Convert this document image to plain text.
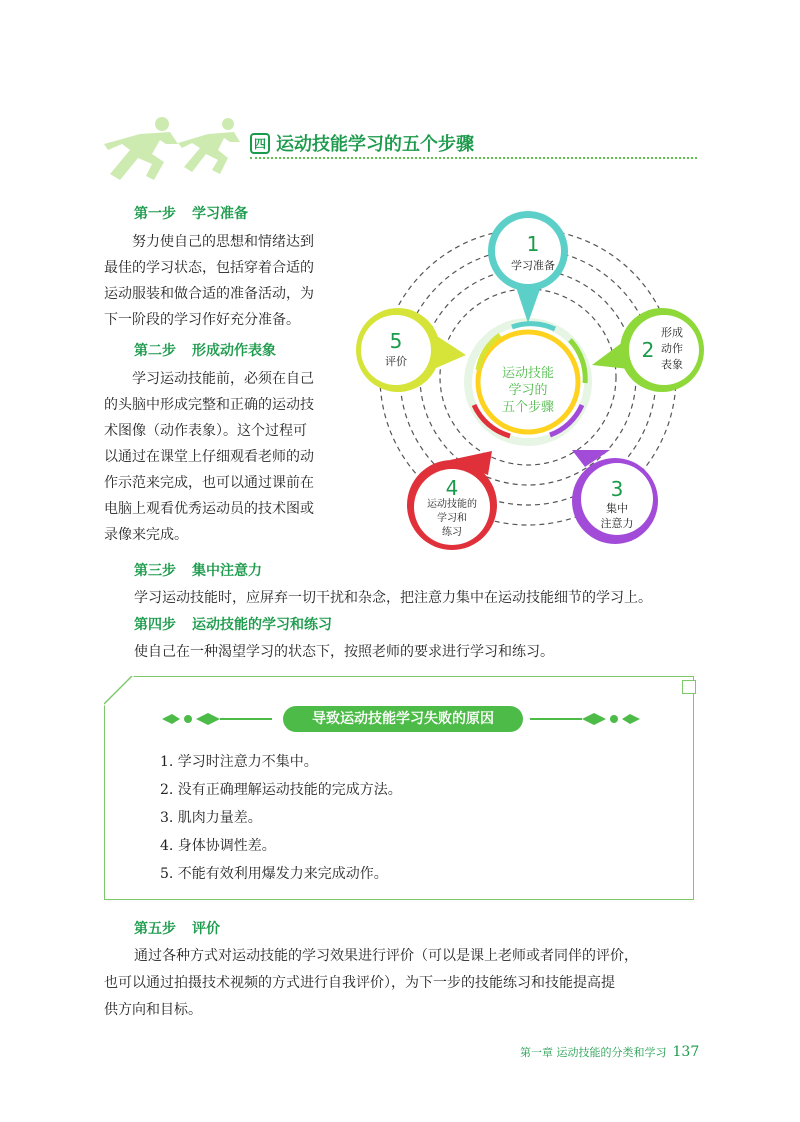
四 运动技能学习的五个步骤
第一步 学习准备
努力使自己的思想和情绪达到
最佳的学习状态，包括穿着合适的
运动服装和做合适的准备活动，为
下一阶段的学习作好充分准备。
第二步 形成动作表象
学习运动技能前，必须在自己
的头脑中形成完整和正确的运动技
术图像（动作表象）。这个过程可
以通过在课堂上仔细观看老师的动
作示范来完成，也可以通过课前在
电脑上观看优秀运动员的技术图或
录像来完成。
运动技能
学习的
五个步骤
1
学习准备
2
形成
动作
表象
3
集中
注意力
4
运动技能的
学习和
练习
5
评价
第三步 集中注意力
学习运动技能时，应屏弃一切干扰和杂念，把注意力集中在运动技能细节的学习上。
第四步 运动技能的学习和练习
使自己在一种渴望学习的状态下，按照老师的要求进行学习和练习。
导致运动技能学习失败的原因
1. 学习时注意力不集中。
2. 没有正确理解运动技能的完成方法。
3. 肌肉力量差。
4. 身体协调性差。
5. 不能有效利用爆发力来完成动作。
第五步 评价
通过各种方式对运动技能的学习效果进行评价（可以是课上老师或者同伴的评价，
也可以通过拍摄技术视频的方式进行自我评价），为下一步的技能练习和技能提高提
供方向和目标。
第一章 运动技能的分类和学习 137
